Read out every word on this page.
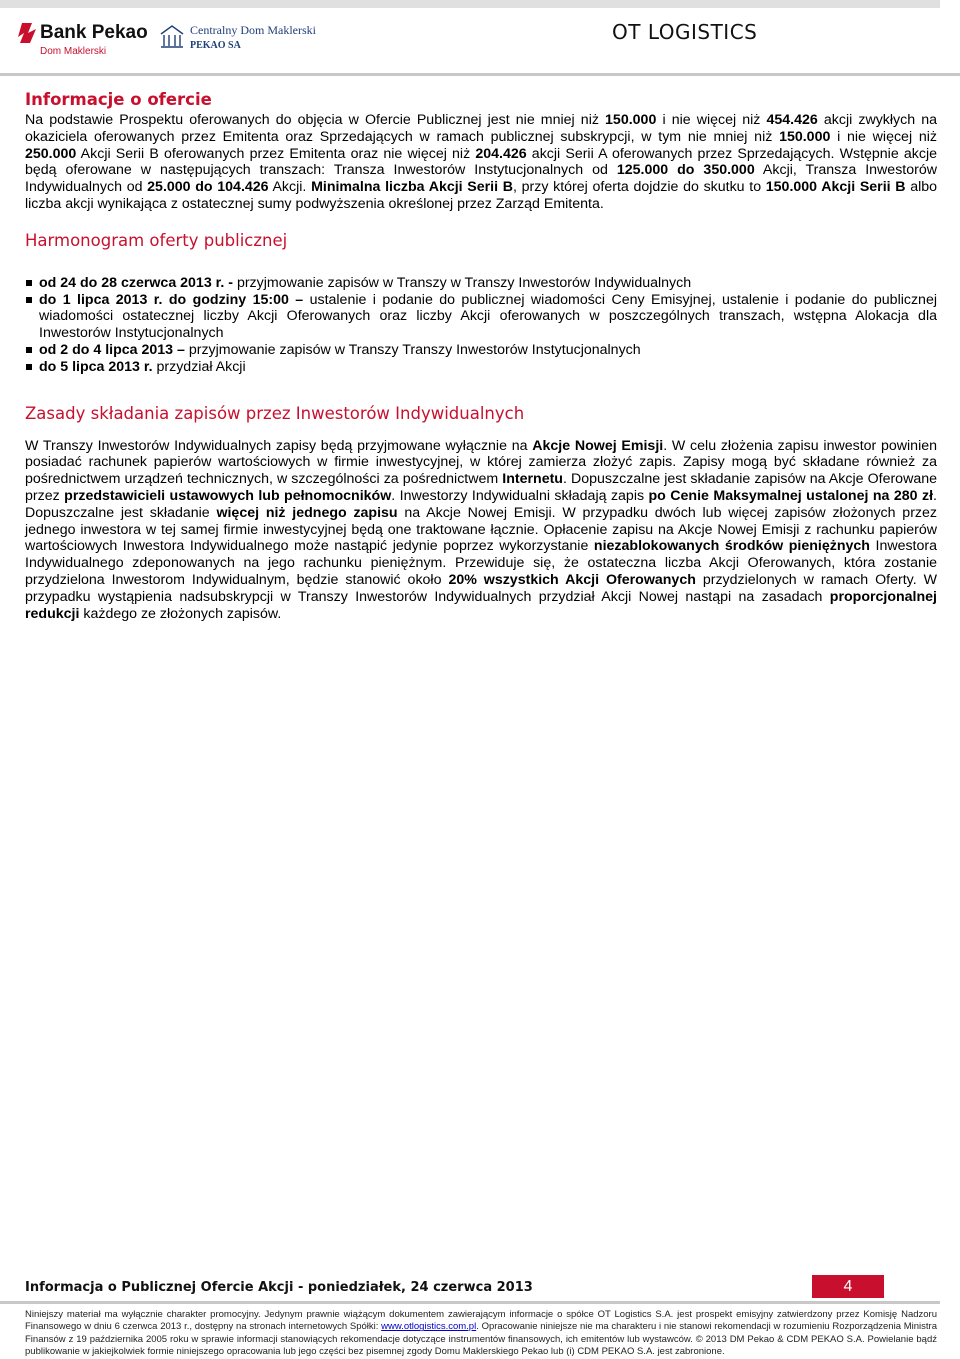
Bank Pekao
Dom Maklerski
Centralny Dom Maklerski
PEKAO SA
OT LOGISTICS
Informacje o ofercie

Na podstawie Prospektu oferowanych do objęcia w Ofercie Publicznej jest nie mniej niż 150.000 i nie więcej niż 454.426 akcji zwykłych na okaziciela oferowanych przez Emitenta oraz Sprzedających w ramach publicznej subskrypcji, w tym nie mniej niż 150.000 i nie więcej niż 250.000 Akcji Serii B oferowanych przez Emitenta oraz nie więcej niż 204.426 akcji Serii A oferowanych przez Sprzedających. Wstępnie akcje będą oferowane w następujących transzach: Transza Inwestorów Instytucjonalnych od 125.000 do 350.000 Akcji, Transza Inwestorów Indywidualnych od 25.000 do 104.426 Akcji. Minimalna liczba Akcji Serii B, przy której oferta dojdzie do skutku to 150.000 Akcji Serii B albo liczba akcji wynikająca z ostatecznej sumy podwyższenia określonej przez Zarząd Emitenta.

Harmonogram oferty publicznej
od 24 do 28 czerwca 2013 r. - przyjmowanie zapisów w Transzy w Transzy Inwestorów Indywidualnych
do 1 lipca 2013 r. do godziny 15:00 – ustalenie i podanie do publicznej wiadomości Ceny Emisyjnej, ustalenie i podanie do publicznej wiadomości ostatecznej liczby Akcji Oferowanych oraz liczby Akcji oferowanych w poszczególnych transzach, wstępna Alokacja dla Inwestorów Instytucjonalnych
od 2 do 4 lipca 2013 – przyjmowanie zapisów w Transzy Transzy Inwestorów Instytucjonalnych
do 5 lipca 2013 r. przydział Akcji
Zasady składania zapisów przez Inwestorów Indywidualnych

W Transzy Inwestorów Indywidualnych zapisy będą przyjmowane wyłącznie na Akcje Nowej Emisji. W celu złożenia zapisu inwestor powinien posiadać rachunek papierów wartościowych w firmie inwestycyjnej, w której zamierza złożyć zapis. Zapisy mogą być składane również za pośrednictwem urządzeń technicznych, w szczególności za pośrednictwem Internetu. Dopuszczalne jest składanie zapisów na Akcje Oferowane przez przedstawicieli ustawowych lub pełnomocników. Inwestorzy Indywidualni składają zapis po Cenie Maksymalnej ustalonej na 280 zł. Dopuszczalne jest składanie więcej niż jednego zapisu na Akcje Nowej Emisji. W przypadku dwóch lub więcej zapisów złożonych przez jednego inwestora w tej samej firmie inwestycyjnej będą one traktowane łącznie. Opłacenie zapisu na Akcje Nowej Emisji z rachunku papierów wartościowych Inwestora Indywidualnego może nastąpić jedynie poprzez wykorzystanie niezablokowanych środków pieniężnych Inwestora Indywidualnego zdeponowanych na jego rachunku pieniężnym. Przewiduje się, że ostateczna liczba Akcji Oferowanych, która zostanie przydzielona Inwestorom Indywidualnym, będzie stanowić około 20% wszystkich Akcji Oferowanych przydzielonych w ramach Oferty. W przypadku wystąpienia nadsubskrypcji w Transzy Inwestorów Indywidualnych przydział Akcji Nowej nastąpi na zasadach proporcjonalnej redukcji każdego ze złożonych zapisów.

Informacja o Publicznej Ofercie Akcji - poniedziałek, 24 czerwca 2013	4
Niniejszy materiał ma wyłącznie charakter promocyjny. Jedynym prawnie wiążącym dokumentem zawierającym informacje o spółce OT Logistics S.A. jest prospekt emisyjny zatwierdzony przez Komisję Nadzoru Finansowego w dniu 6 czerwca 2013 r., dostępny na stronach internetowych Spółki: www.otlogistics.com.pl. Opracowanie niniejsze nie ma charakteru i nie stanowi rekomendacji w rozumieniu Rozporządzenia Ministra Finansów z 19 października 2005 roku w sprawie informacji stanowiących rekomendacje dotyczące instrumentów finansowych, ich emitentów lub wystawców. © 2013 DM Pekao & CDM PEKAO S.A. Powielanie bądź publikowanie w jakiejkolwiek formie niniejszego opracowania lub jego części bez pisemnej zgody Domu Maklerskiego Pekao lub (i) CDM PEKAO S.A. jest zabronione.
